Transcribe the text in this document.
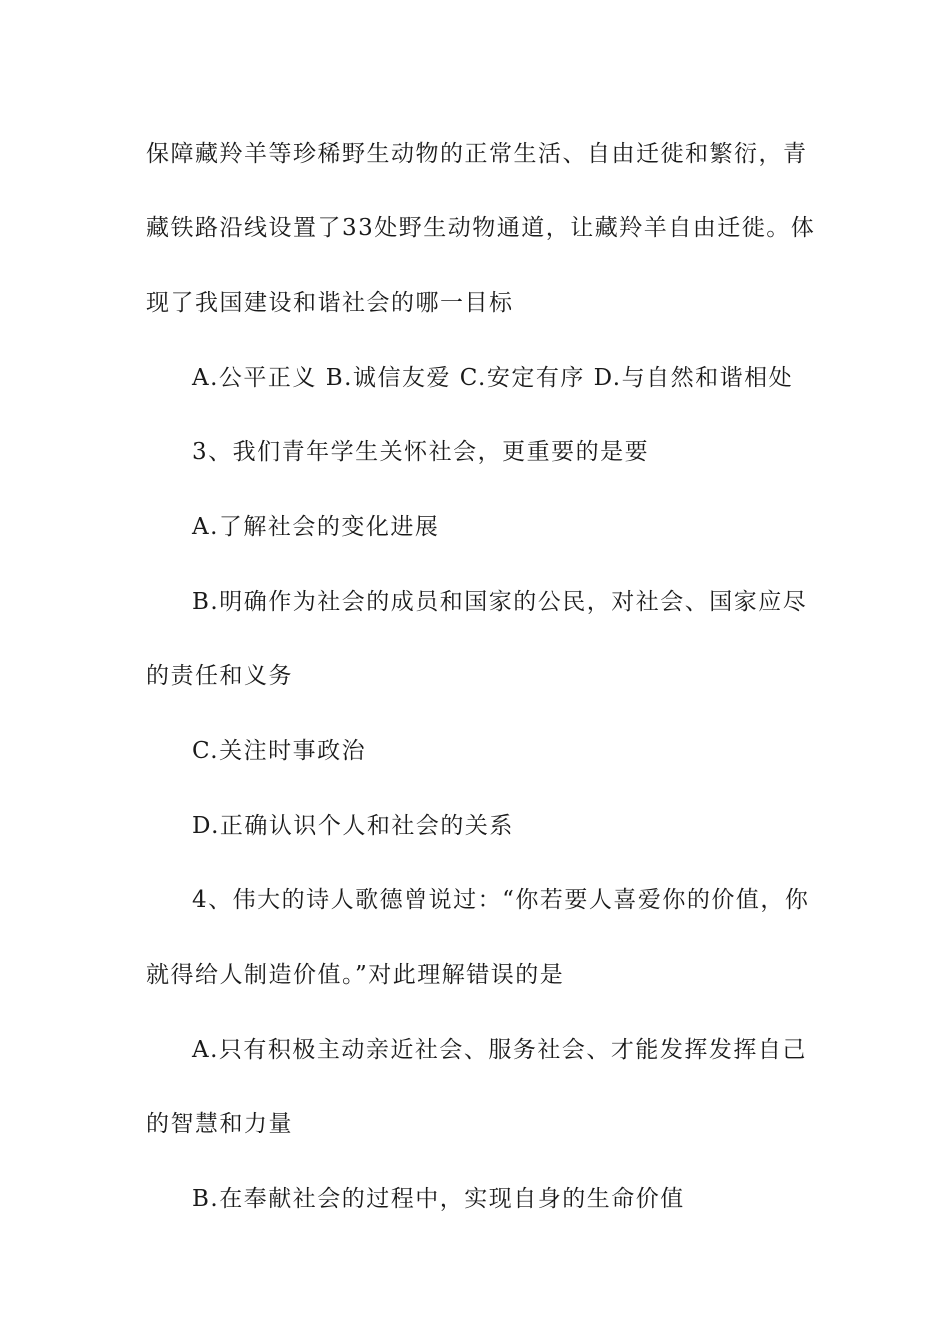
保障藏羚羊等珍稀野生动物的正常生活、自由迁徙和繁衍，青
藏铁路沿线设置了33处野生动物通道，让藏羚羊自由迁徙。体
现了我国建设和谐社会的哪一目标
A.公平正义 B.诚信友爱 C.安定有序 D.与自然和谐相处
3、我们青年学生关怀社会，更重要的是要
A.了解社会的变化进展
B.明确作为社会的成员和国家的公民，对社会、国家应尽
的责任和义务
C.关注时事政治
D.正确认识个人和社会的关系
4、伟大的诗人歌德曾说过：“你若要人喜爱你的价值，你
就得给人制造价值。”对此理解错误的是
A.只有积极主动亲近社会、服务社会、才能发挥发挥自己
的智慧和力量
B.在奉献社会的过程中，实现自身的生命价值
